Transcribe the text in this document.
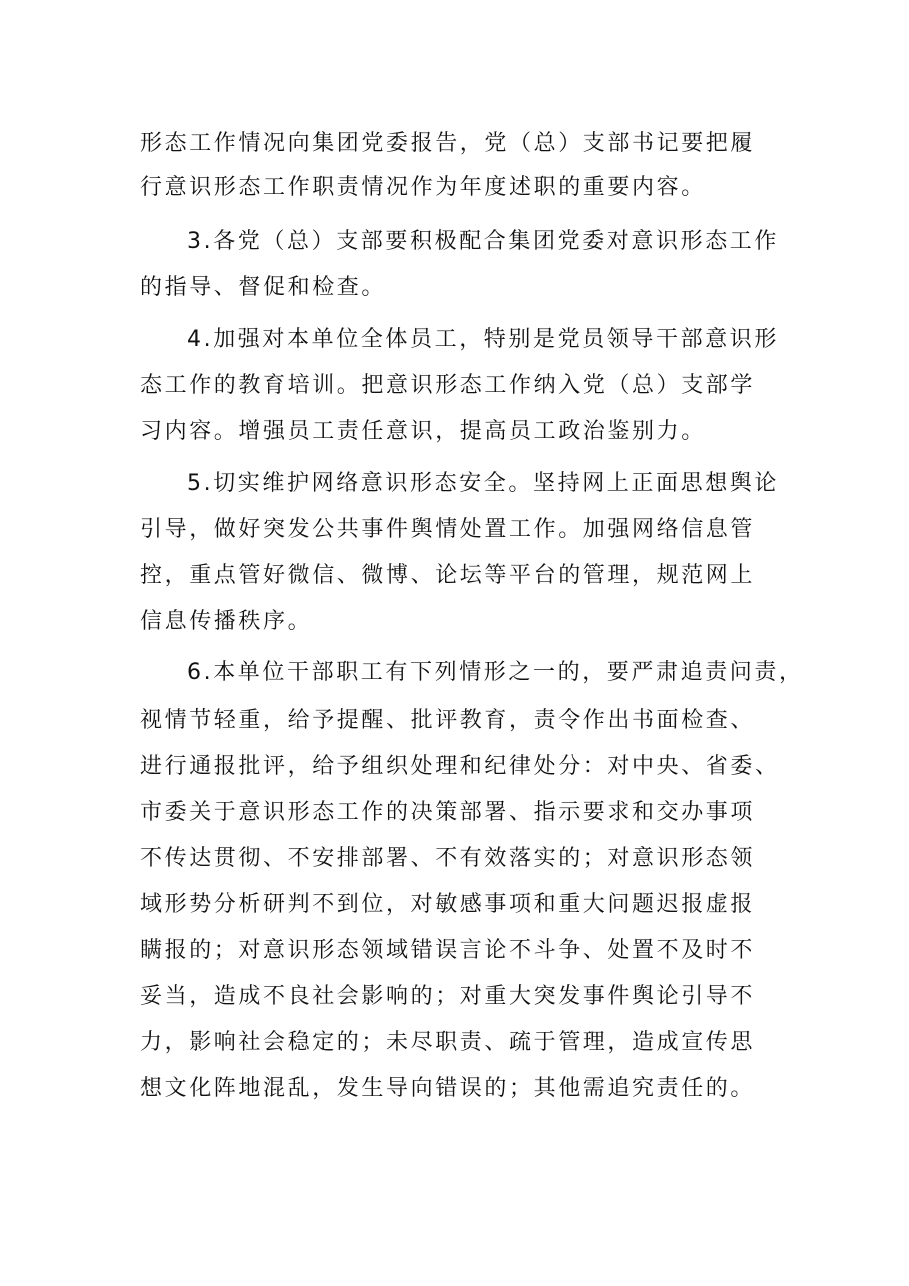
形态工作情况向集团党委报告，党（总）支部书记要把履
行意识形态工作职责情况作为年度述职的重要内容。
3.各党（总）支部要积极配合集团党委对意识形态工作
的指导、督促和检查。
4.加强对本单位全体员工，特别是党员领导干部意识形
态工作的教育培训。把意识形态工作纳入党（总）支部学
习内容。增强员工责任意识，提高员工政治鉴别力。
5.切实维护网络意识形态安全。坚持网上正面思想舆论
引导，做好突发公共事件舆情处置工作。加强网络信息管
控，重点管好微信、微博、论坛等平台的管理，规范网上
信息传播秩序。
6.本单位干部职工有下列情形之一的，要严肃追责问责，
视情节轻重，给予提醒、批评教育，责令作出书面检查、
进行通报批评，给予组织处理和纪律处分：对中央、省委、
市委关于意识形态工作的决策部署、指示要求和交办事项
不传达贯彻、不安排部署、不有效落实的；对意识形态领
域形势分析研判不到位，对敏感事项和重大问题迟报虚报
瞒报的；对意识形态领域错误言论不斗争、处置不及时不
妥当，造成不良社会影响的；对重大突发事件舆论引导不
力，影响社会稳定的；未尽职责、疏于管理，造成宣传思
想文化阵地混乱，发生导向错误的；其他需追究责任的。
